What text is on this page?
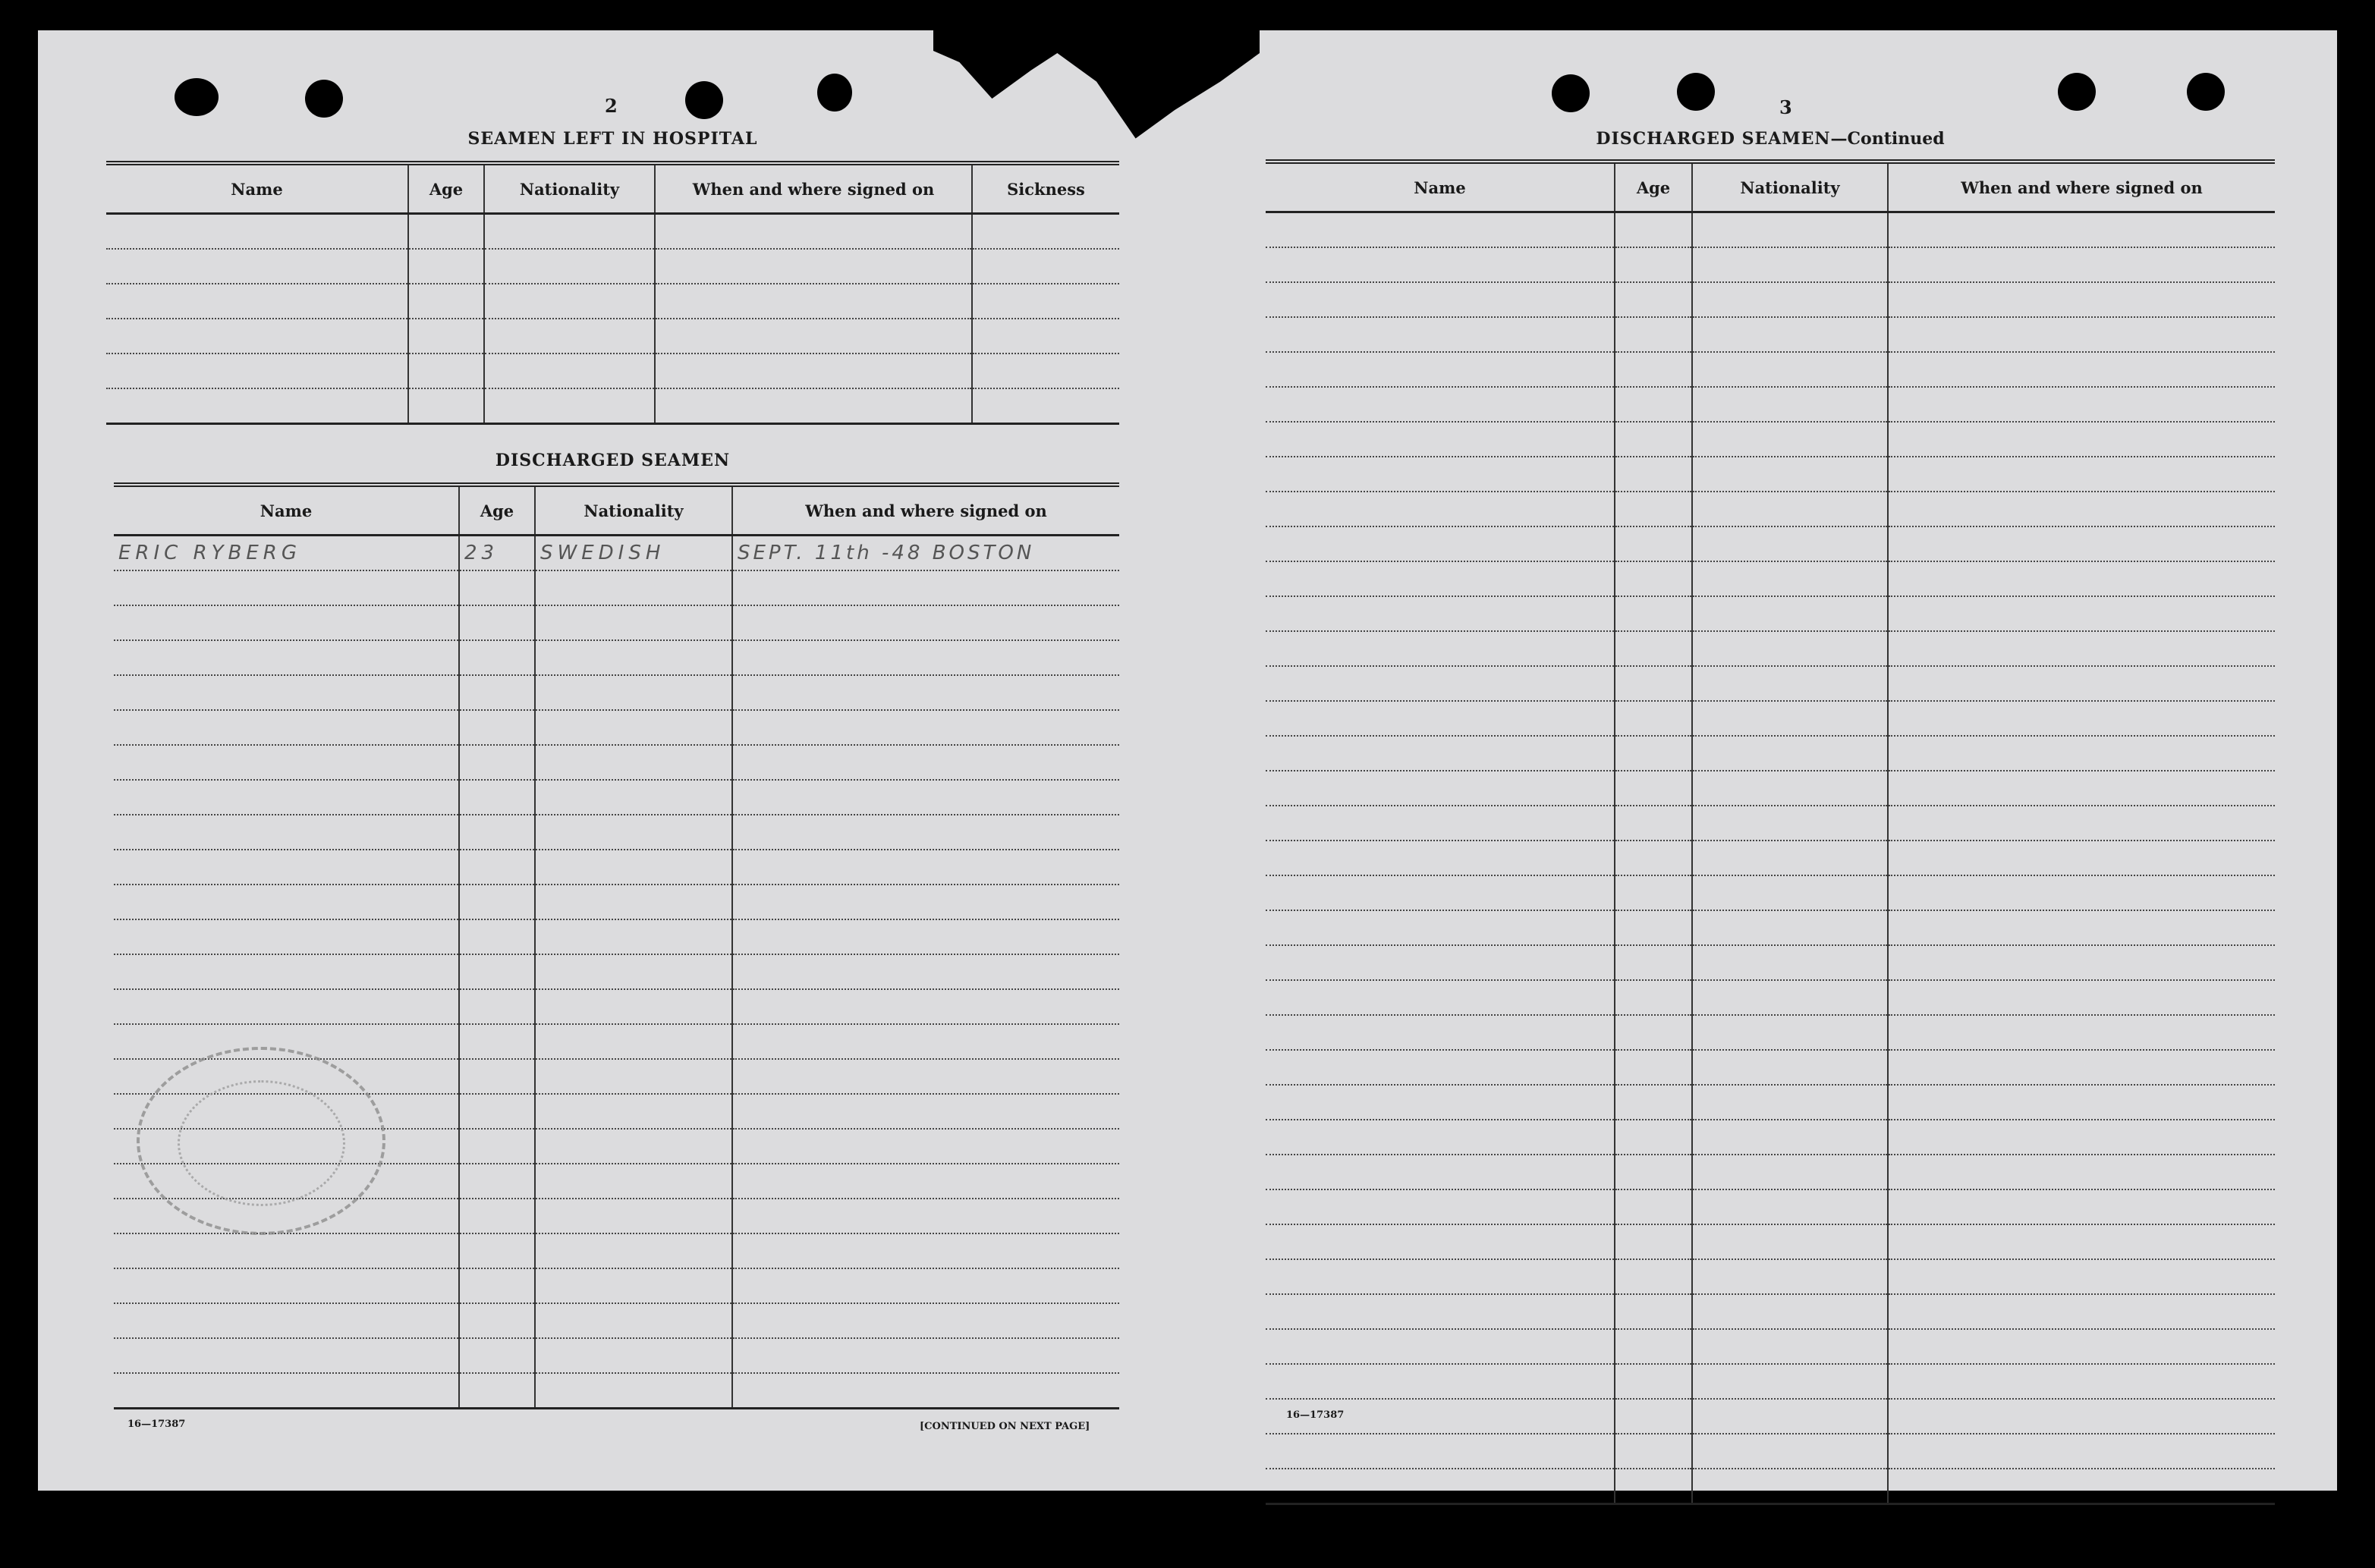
2
SEAMEN LEFT IN HOSPITAL
Name	Age	Nationality	When and where signed on	Sickness

DISCHARGED SEAMEN
Name	Age	Nationality	When and where signed on
ERIC RYBERG	23	SWEDISH	SEPT. 11th -48 BOSTON

16—17387	[CONTINUED ON NEXT PAGE]
3
DISCHARGED SEAMEN—Continued
Name	Age	Nationality	When and where signed on

16—17387
